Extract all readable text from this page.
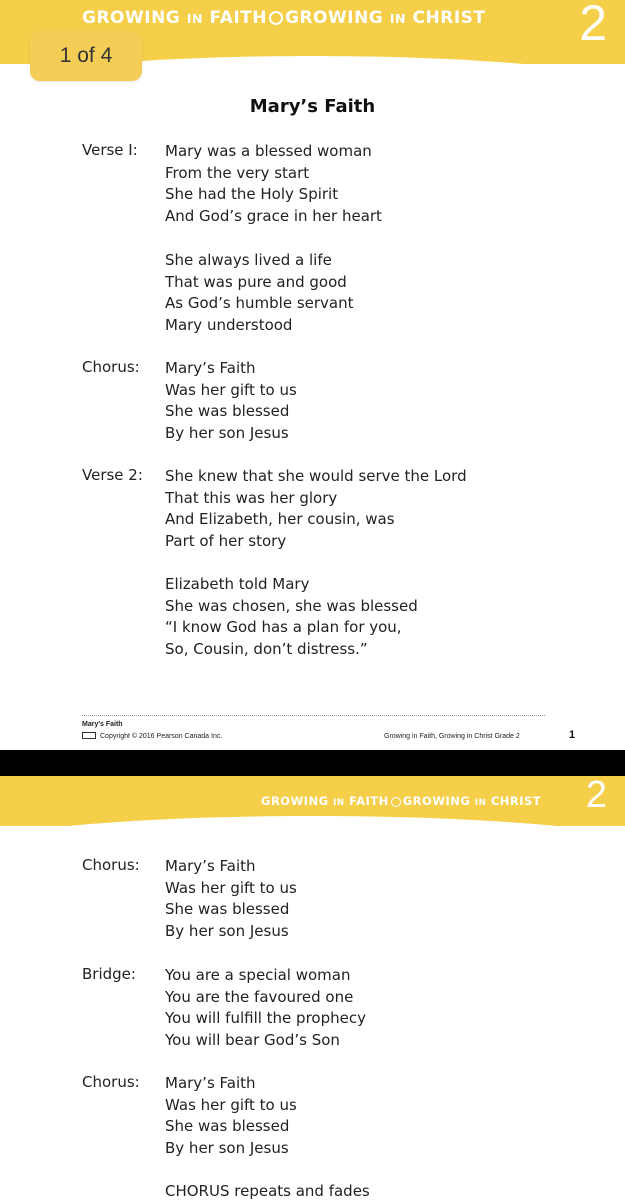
GROWING IN FAITH GROWING IN CHRIST 2
1 of 4
Mary’s Faith
Verse I: Mary was a blessed woman
From the very start
She had the Holy Spirit
And God’s grace in her heart
She always lived a life
That was pure and good
As God’s humble servant
Mary understood
Chorus: Mary’s Faith
Was her gift to us
She was blessed
By her son Jesus
Verse 2: She knew that she would serve the Lord
That this was her glory
And Elizabeth, her cousin, was
Part of her story
Elizabeth told Mary
She was chosen, she was blessed
“I know God has a plan for you,
So, Cousin, don’t distress.”
Mary's Faith
Copyright © 2016 Pearson Canada Inc.	Growing in Faith, Growing in Christ Grade 2	1
GROWING IN FAITH GROWING IN CHRIST 2
Chorus: Mary’s Faith
Was her gift to us
She was blessed
By her son Jesus
Bridge: You are a special woman
You are the favoured one
You will fulfill the prophecy
You will bear God’s Son
Chorus: Mary’s Faith
Was her gift to us
She was blessed
By her son Jesus
CHORUS repeats and fades
